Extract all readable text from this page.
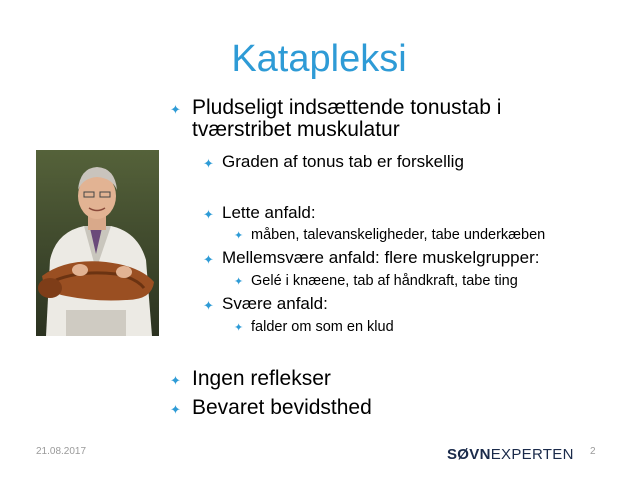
Katapleksi
✦ Pludseligt indsættende tonustab i
tværstribet muskulatur
✦ Graden af tonus tab er forskellig
✦ Lette anfald:
✦ måben, talevanskeligheder, tabe underkæben
✦ Mellemsvære anfald: flere muskelgrupper:
✦ Gelé i knæene, tab af håndkraft, tabe ting
✦ Svære anfald:
✦ falder om som en klud
✦ Ingen reflekser
✦ Bevaret bevidsthed
21.08.2017	SØVNEXPERTEN 2
